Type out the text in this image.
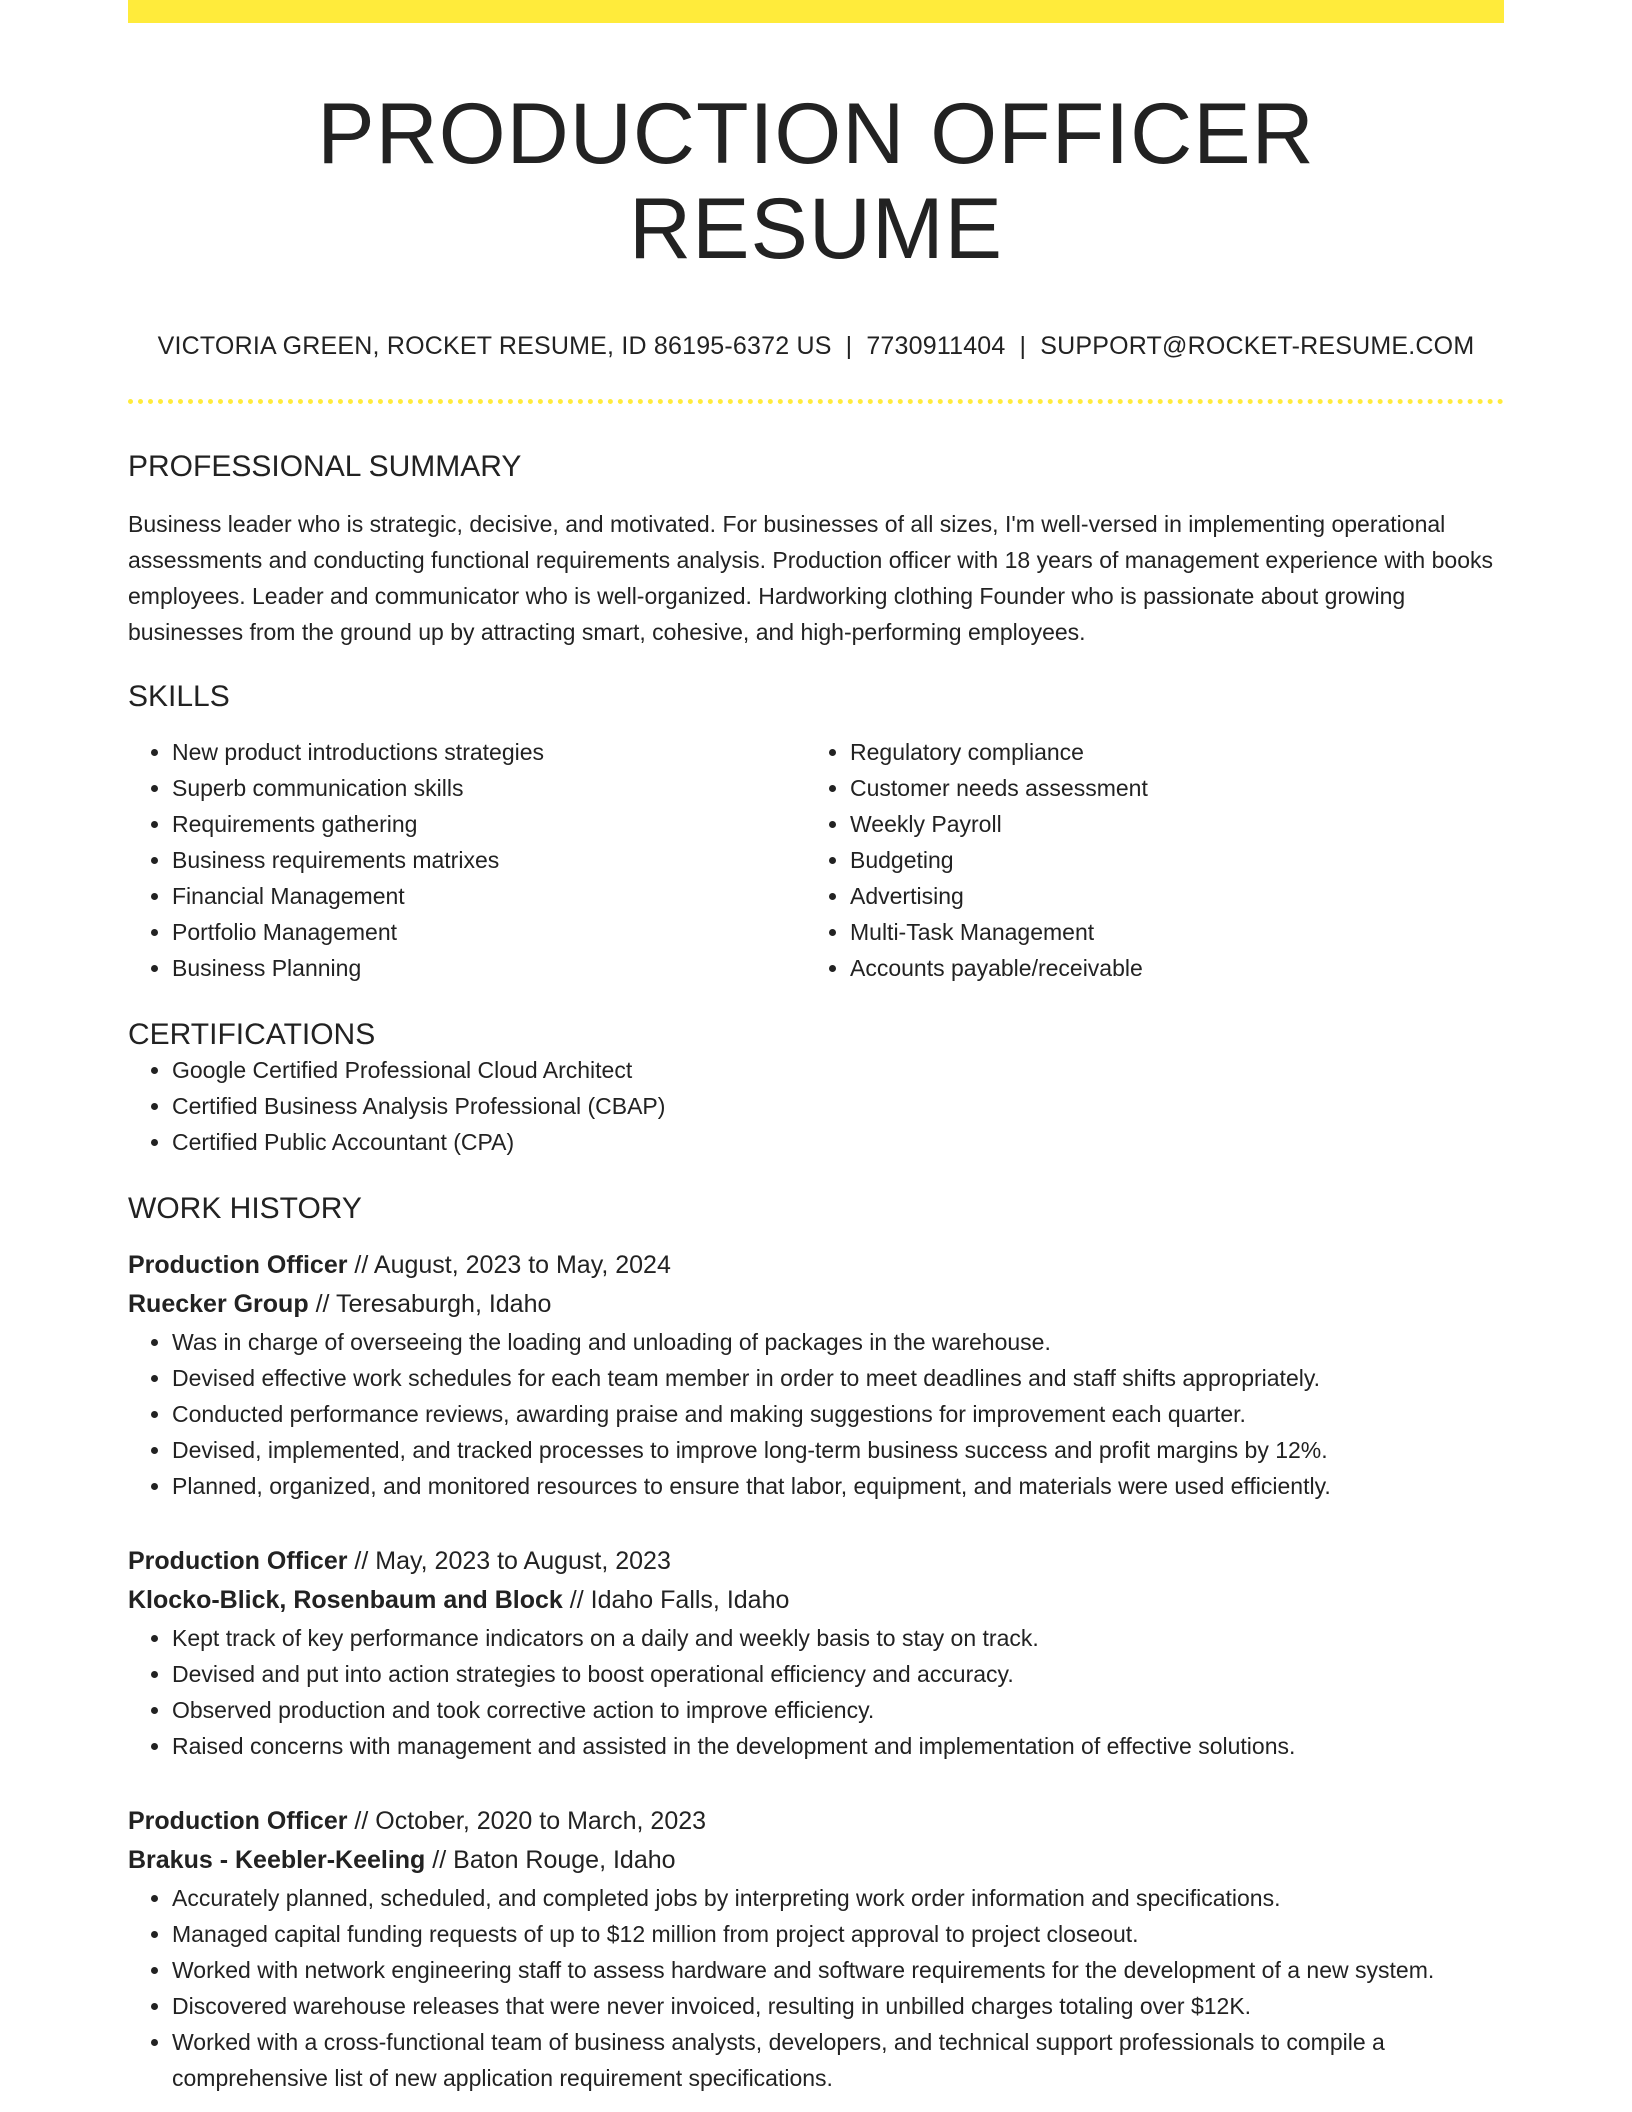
PRODUCTION OFFICER RESUME
VICTORIA GREEN, ROCKET RESUME, ID 86195-6372 US | 7730911404 | SUPPORT@ROCKET-RESUME.COM
PROFESSIONAL SUMMARY
Business leader who is strategic, decisive, and motivated. For businesses of all sizes, I'm well-versed in implementing operational assessments and conducting functional requirements analysis. Production officer with 18 years of management experience with books employees. Leader and communicator who is well-organized. Hardworking clothing Founder who is passionate about growing businesses from the ground up by attracting smart, cohesive, and high-performing employees.
SKILLS
• New product introductions strategies
• Superb communication skills
• Requirements gathering
• Business requirements matrixes
• Financial Management
• Portfolio Management
• Business Planning
• Regulatory compliance
• Customer needs assessment
• Weekly Payroll
• Budgeting
• Advertising
• Multi-Task Management
• Accounts payable/receivable
CERTIFICATIONS
• Google Certified Professional Cloud Architect
• Certified Business Analysis Professional (CBAP)
• Certified Public Accountant (CPA)
WORK HISTORY
Production Officer // August, 2023 to May, 2024
Ruecker Group // Teresaburgh, Idaho
• Was in charge of overseeing the loading and unloading of packages in the warehouse.
• Devised effective work schedules for each team member in order to meet deadlines and staff shifts appropriately.
• Conducted performance reviews, awarding praise and making suggestions for improvement each quarter.
• Devised, implemented, and tracked processes to improve long-term business success and profit margins by 12%.
• Planned, organized, and monitored resources to ensure that labor, equipment, and materials were used efficiently.
Production Officer // May, 2023 to August, 2023
Klocko-Blick, Rosenbaum and Block // Idaho Falls, Idaho
• Kept track of key performance indicators on a daily and weekly basis to stay on track.
• Devised and put into action strategies to boost operational efficiency and accuracy.
• Observed production and took corrective action to improve efficiency.
• Raised concerns with management and assisted in the development and implementation of effective solutions.
Production Officer // October, 2020 to March, 2023
Brakus - Keebler-Keeling // Baton Rouge, Idaho
• Accurately planned, scheduled, and completed jobs by interpreting work order information and specifications.
• Managed capital funding requests of up to $12 million from project approval to project closeout.
• Worked with network engineering staff to assess hardware and software requirements for the development of a new system.
• Discovered warehouse releases that were never invoiced, resulting in unbilled charges totaling over $12K.
• Worked with a cross-functional team of business analysts, developers, and technical support professionals to compile a comprehensive list of new application requirement specifications.
